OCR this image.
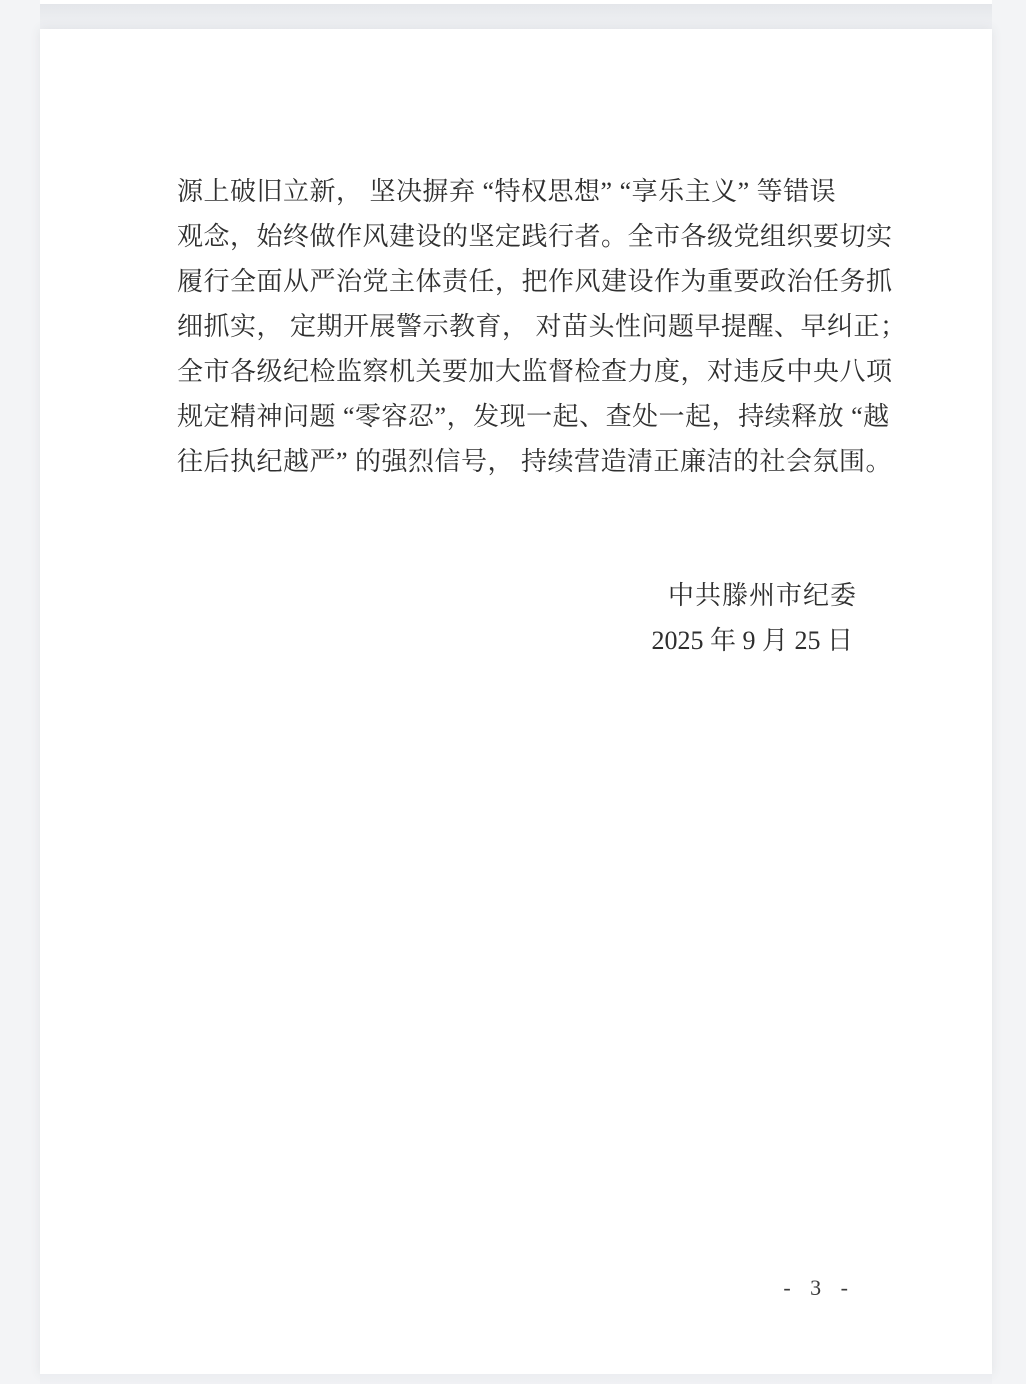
源上破旧立新， 坚决摒弃 “特权思想” “享乐主义” 等错误
观念，始终做作风建设的坚定践行者。全市各级党组织要切实
履行全面从严治党主体责任，把作风建设作为重要政治任务抓
细抓实， 定期开展警示教育， 对苗头性问题早提醒、早纠正；
全市各级纪检监察机关要加大监督检查力度，对违反中央八项
规定精神问题 “零容忍”，发现一起、查处一起，持续释放 “越
往后执纪越严” 的强烈信号， 持续营造清正廉洁的社会氛围。
中共滕州市纪委
2025 年 9 月 25 日
- 3 -
